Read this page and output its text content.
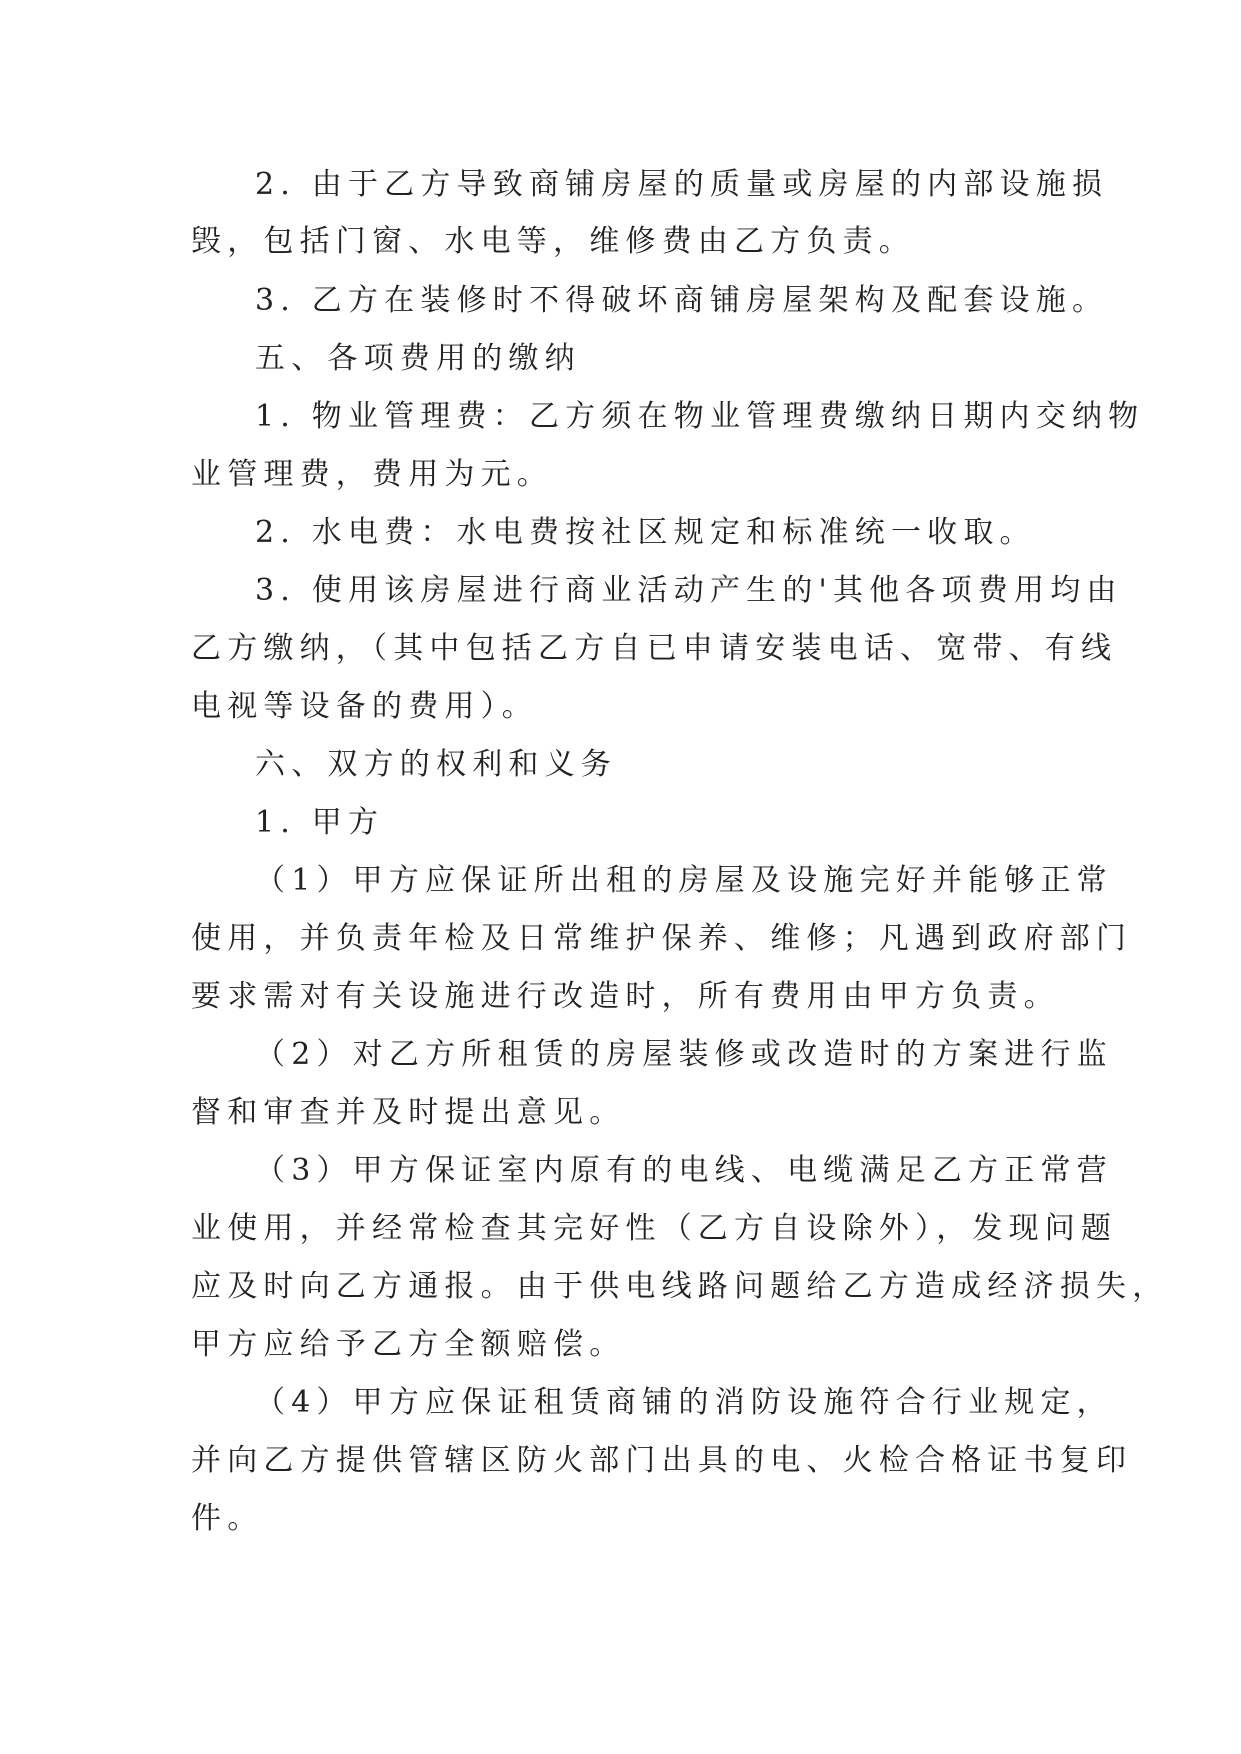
2. 由于乙方导致商铺房屋的质量或房屋的内部设施损

毁，包括门窗、水电等，维修费由乙方负责。

3. 乙方在装修时不得破坏商铺房屋架构及配套设施。

五、各项费用的缴纳

1. 物业管理费：乙方须在物业管理费缴纳日期内交纳物

业管理费，费用为元。

2. 水电费：水电费按社区规定和标准统一收取。

3. 使用该房屋进行商业活动产生的'其他各项费用均由

乙方缴纳，（其中包括乙方自已申请安装电话、宽带、有线

电视等设备的费用）。

六、双方的权利和义务

1. 甲方

（1）甲方应保证所出租的房屋及设施完好并能够正常

使用，并负责年检及日常维护保养、维修；凡遇到政府部门

要求需对有关设施进行改造时，所有费用由甲方负责。

（2）对乙方所租赁的房屋装修或改造时的方案进行监

督和审查并及时提出意见。

（3）甲方保证室内原有的电线、电缆满足乙方正常营

业使用，并经常检查其完好性（乙方自设除外），发现问题

应及时向乙方通报。由于供电线路问题给乙方造成经济损失，

甲方应给予乙方全额赔偿。

（4）甲方应保证租赁商铺的消防设施符合行业规定，

并向乙方提供管辖区防火部门出具的电、火检合格证书复印

件。
